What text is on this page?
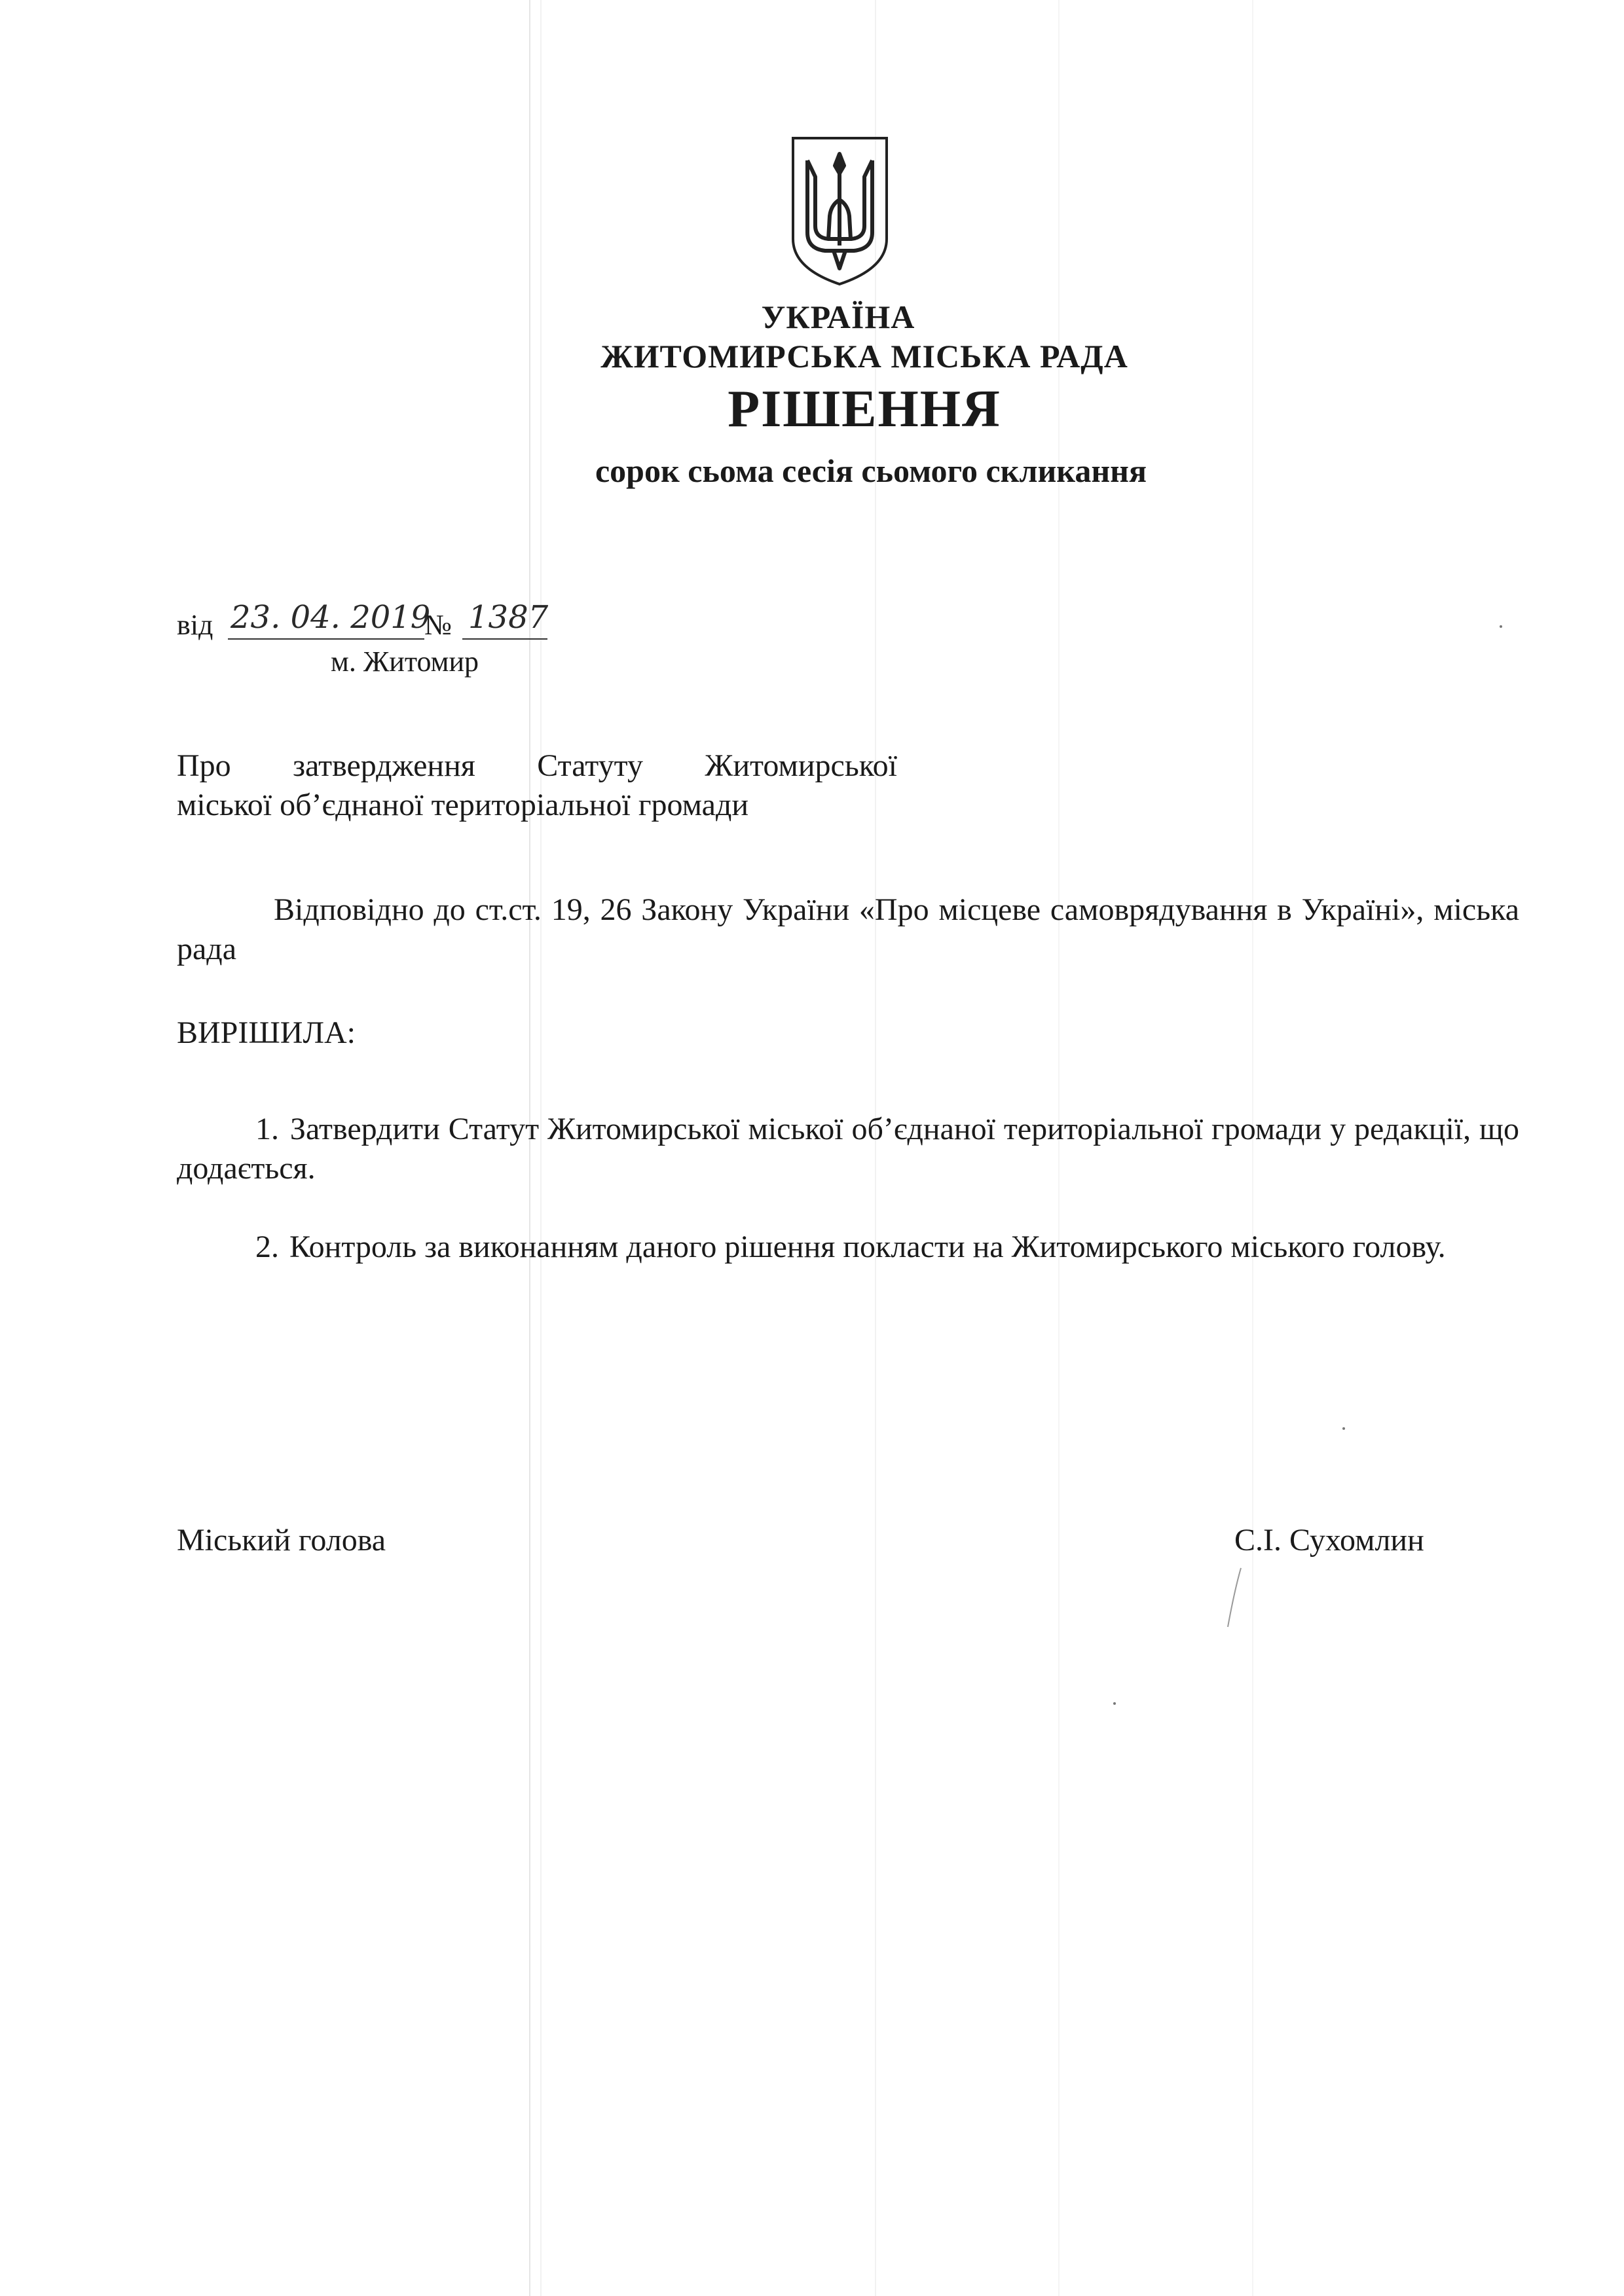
УКРАЇНА
ЖИТОМИРСЬКА МІСЬКА РАДА
РІШЕННЯ
сорок сьома сесія сьомого скликання
від 23. 04. 2019
№ 1387
м. Житомир
Про затвердження Статуту Житомирської
міської об’єднаної територіальної громади
Відповідно до ст.ст. 19, 26 Закону України «Про місцеве самоврядування в Україні», міська рада
ВИРІШИЛА:
1. Затвердити Статут Житомирської міської об’єднаної територіальної громади у редакції, що додається.
2. Контроль за виконанням даного рішення покласти на Житомирського міського голову.
Міський голова	С.І. Сухомлин
